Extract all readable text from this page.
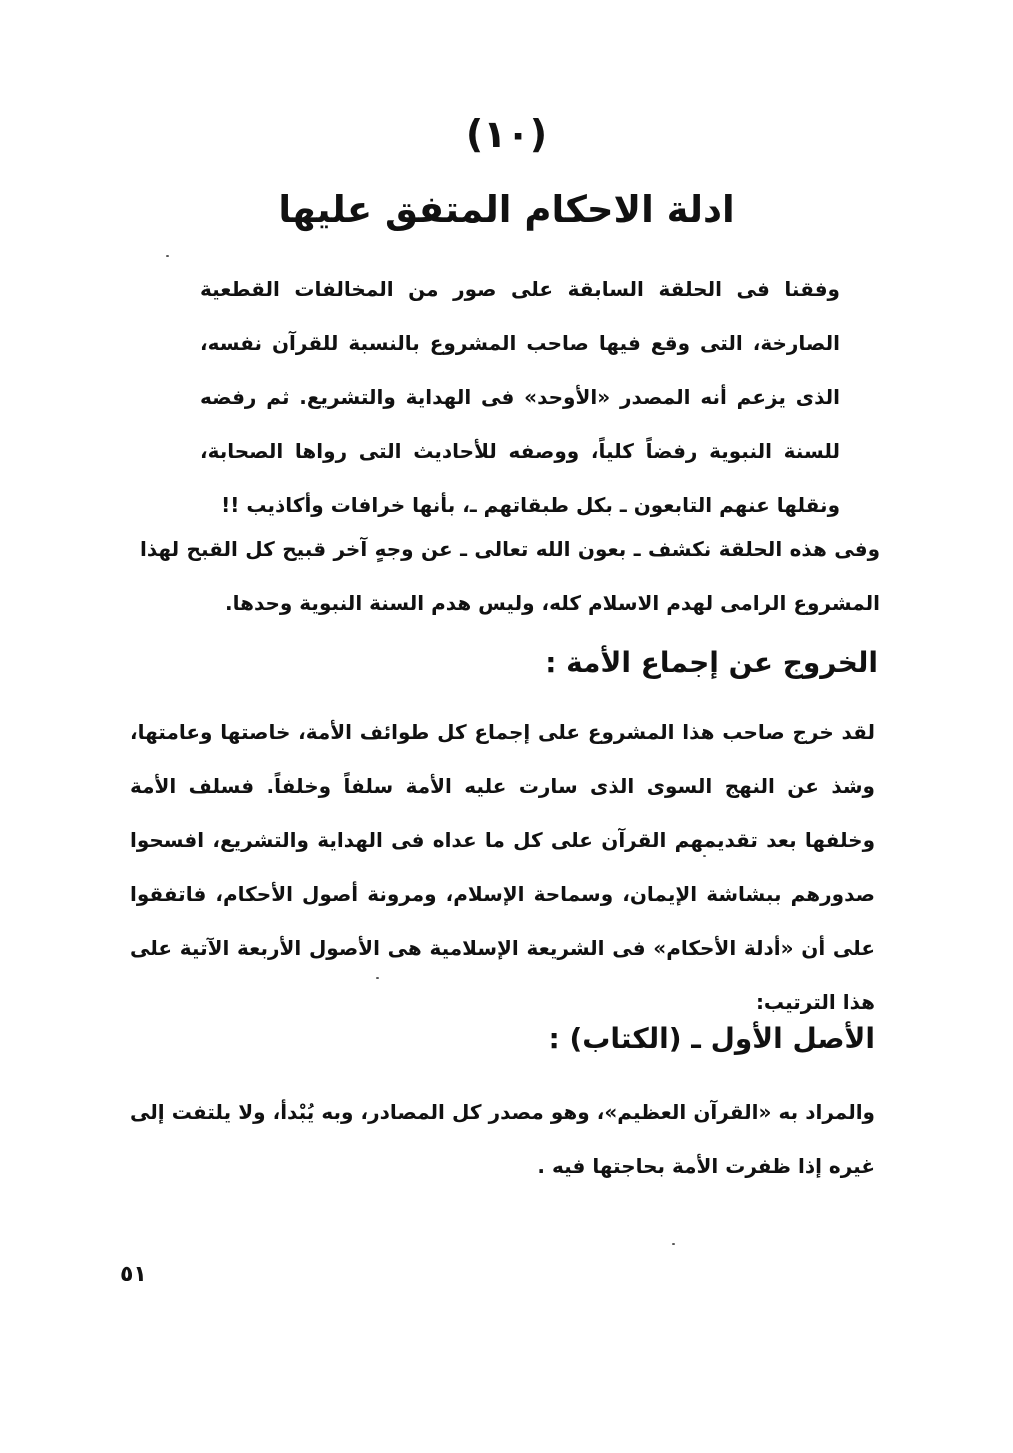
(١٠)
ادلة الاحكام المتفق عليها

وفقنا فى الحلقة السابقة على صور من المخالفات القطعية الصارخة، التى وقع فيها صاحب المشروع بالنسبة للقرآن نفسه، الذى يزعم أنه المصدر «الأوحد» فى الهداية والتشريع. ثم رفضه للسنة النبوية رفضاً كلياً، ووصفه للأحاديث التى رواها الصحابة، ونقلها عنهم التابعون ـ بكل طبقاتهم ـ، بأنها خرافات وأكاذيب !!

وفى هذه الحلقة نكشف ـ بعون الله تعالى ـ عن وجهٍ آخر قبيح كل القبح لهذا المشروع الرامى لهدم الاسلام كله، وليس هدم السنة النبوية وحدها.

الخروج عن إجماع الأمة :

لقد خرج صاحب هذا المشروع على إجماع كل طوائف الأمة، خاصتها وعامتها، وشذ عن النهج السوى الذى سارت عليه الأمة سلفاً وخلفاً. فسلف الأمة وخلفها بعد تقديمهم القرآن على كل ما عداه فى الهداية والتشريع، افسحوا صدورهم ببشاشة الإيمان، وسماحة الإسلام، ومرونة أصول الأحكام، فاتفقوا على أن «أدلة الأحكام» فى الشريعة الإسلامية هى الأصول الأربعة الآتية على هذا الترتيب:

الأصل الأول ـ (الكتاب) :

والمراد به «القرآن العظيم»، وهو مصدر كل المصادر، وبه يُبْدأ، ولا يلتفت إلى غيره إذا ظفرت الأمة بحاجتها فيه .

٥١
